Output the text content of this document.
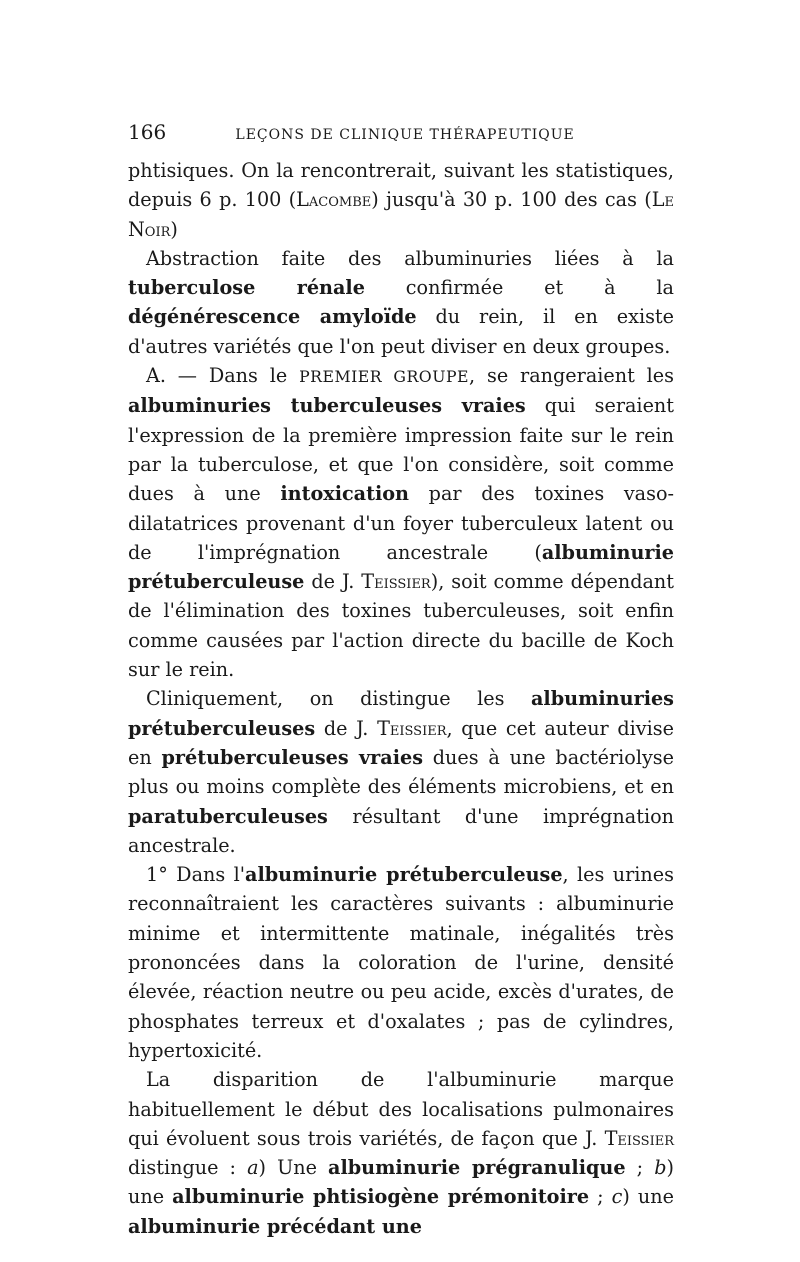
166	LEÇONS DE CLINIQUE THÉRAPEUTIQUE

phtisiques. On la rencontrerait, suivant les statistiques, depuis 6 p. 100 (Lacombe) jusqu'à 30 p. 100 des cas (Le Noir)

Abstraction faite des albuminuries liées à la tuberculose rénale confirmée et à la dégénérescence amyloïde du rein, il en existe d'autres variétés que l'on peut diviser en deux groupes.

A. — Dans le PREMIER GROUPE, se rangeraient les albuminuries tuberculeuses vraies qui seraient l'expression de la première impression faite sur le rein par la tuberculose, et que l'on considère, soit comme dues à une intoxication par des toxines vaso-dilatatrices provenant d'un foyer tuberculeux latent ou de l'imprégnation ancestrale (albuminurie prétuberculeuse de J. Teissier), soit comme dépendant de l'élimination des toxines tuberculeuses, soit enfin comme causées par l'action directe du bacille de Koch sur le rein.

Cliniquement, on distingue les albuminuries prétuberculeuses de J. Teissier, que cet auteur divise en prétuberculeuses vraies dues à une bactériolyse plus ou moins complète des éléments microbiens, et en paratuberculeuses résultant d'une imprégnation ancestrale.

1° Dans l'albuminurie prétuberculeuse, les urines reconnaîtraient les caractères suivants : albuminurie minime et intermittente matinale, inégalités très prononcées dans la coloration de l'urine, densité élevée, réaction neutre ou peu acide, excès d'urates, de phosphates terreux et d'oxalates ; pas de cylindres, hypertoxicité.

La disparition de l'albuminurie marque habituellement le début des localisations pulmonaires qui évoluent sous trois variétés, de façon que J. Teissier distingue : a) Une albuminurie prégranulique ; b) une albuminurie phtisiogène prémonitoire ; c) une albuminurie précédant une
